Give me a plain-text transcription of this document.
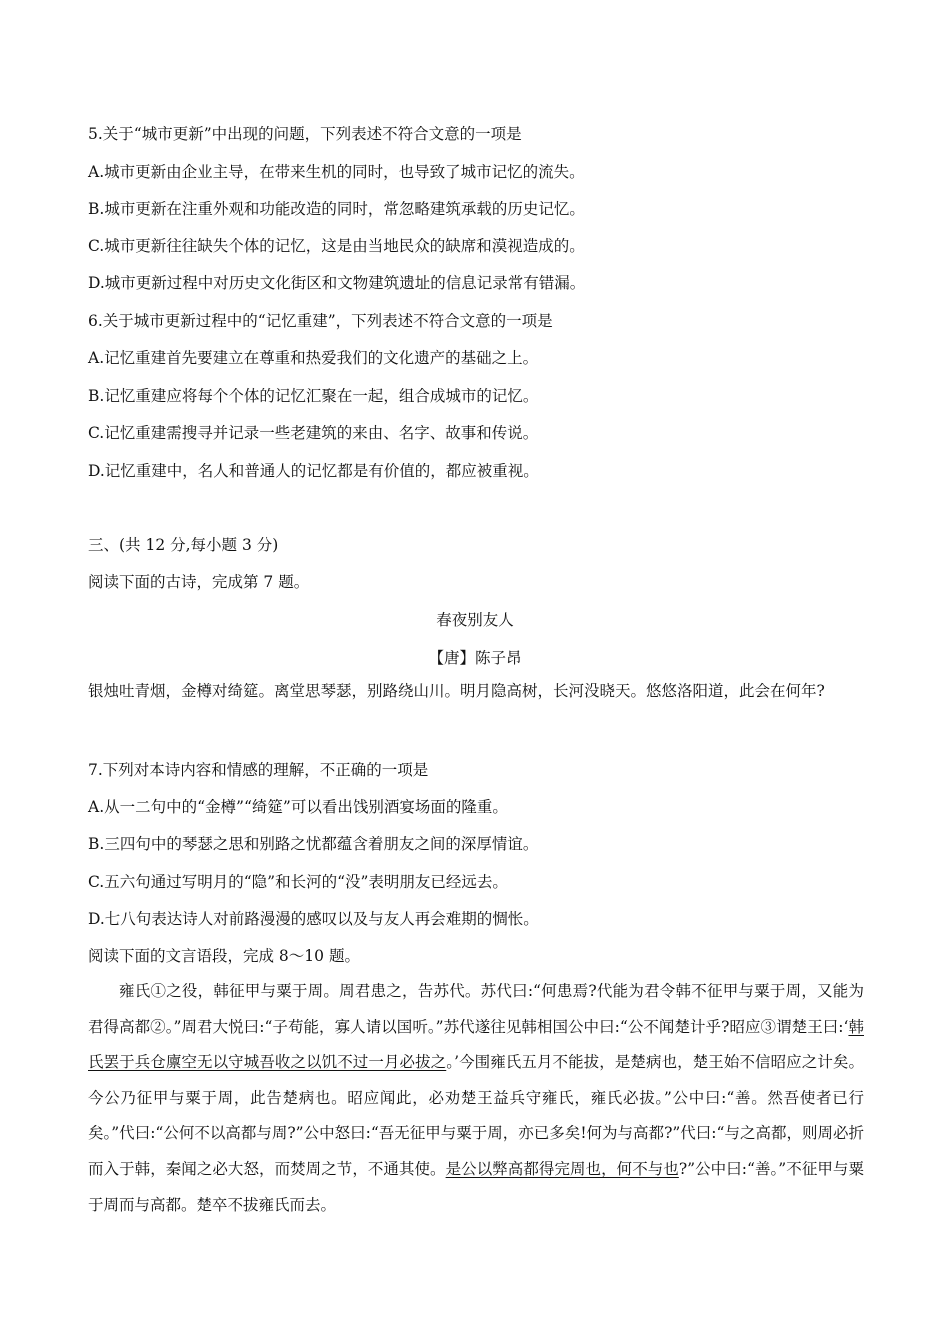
5.关于“城市更新”中出现的问题，下列表述不符合文意的一项是
A.城市更新由企业主导，在带来生机的同时，也导致了城市记忆的流失。
B.城市更新在注重外观和功能改造的同时，常忽略建筑承载的历史记忆。
C.城市更新往往缺失个体的记忆，这是由当地民众的缺席和漠视造成的。
D.城市更新过程中对历史文化街区和文物建筑遗址的信息记录常有错漏。
6.关于城市更新过程中的“记忆重建”，下列表述不符合文意的一项是
A.记忆重建首先要建立在尊重和热爱我们的文化遗产的基础之上。
B.记忆重建应将每个个体的记忆汇聚在一起，组合成城市的记忆。
C.记忆重建需搜寻并记录一些老建筑的来由、名字、故事和传说。
D.记忆重建中，名人和普通人的记忆都是有价值的，都应被重视。
三、(共 12 分,每小题 3 分)
阅读下面的古诗，完成第 7 题。
春夜别友人
【唐】陈子昂
银烛吐青烟，金樽对绮筵。离堂思琴瑟，别路绕山川。明月隐高树，长河没晓天。悠悠洛阳道，此会在何年?
7.下列对本诗内容和情感的理解，不正确的一项是
A.从一二句中的“金樽”“绮筵”可以看出饯别酒宴场面的隆重。
B.三四句中的琴瑟之思和别路之忧都蕴含着朋友之间的深厚情谊。
C.五六句通过写明月的“隐”和长河的“没”表明朋友已经远去。
D.七八句表达诗人对前路漫漫的感叹以及与友人再会难期的惆怅。
阅读下面的文言语段，完成 8～10 题。
雍氏①之役，韩征甲与粟于周。周君患之，告苏代。苏代曰:“何患焉?代能为君令韩不征甲与粟于周，又能为君得高都②。”周君大悦曰:“子苟能，寡人请以国听。”苏代遂往见韩相国公中曰:“公不闻楚计乎?昭应③谓楚王曰:‘韩氏罢于兵仓廪空无以守城吾收之以饥不过一月必拔之。’今围雍氏五月不能拔，是楚病也，楚王始不信昭应之计矣。今公乃征甲与粟于周，此告楚病也。昭应闻此，必劝楚王益兵守雍氏，雍氏必拔。”公中曰:“善。然吾使者已行矣。”代曰:“公何不以高都与周?”公中怒曰:“吾无征甲与粟于周，亦已多矣!何为与高都?”代曰:“与之高都，则周必折而入于韩，秦闻之必大怒，而焚周之节，不通其使。是公以弊高都得完周也，何不与也?”公中曰:“善。”不征甲与粟于周而与高都。楚卒不拔雍氏而去。
